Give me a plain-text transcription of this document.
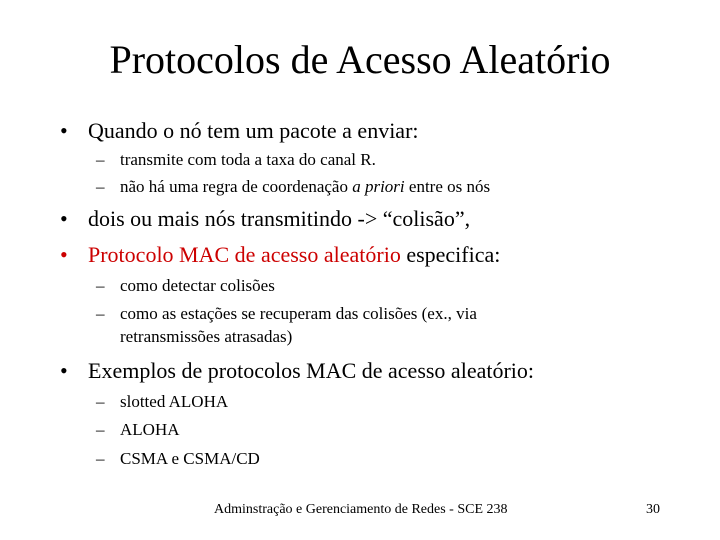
Protocolos de Acesso Aleatório
• Quando o nó tem um pacote a enviar:
– transmite com toda a taxa do canal R.
– não há uma regra de coordenação a priori entre os nós
• dois ou mais nós transmitindo -> “colisão”,
• Protocolo MAC de acesso aleatório especifica:
– como detectar colisões
– como as estações se recuperam das colisões (ex., via
retransmissões atrasadas)
• Exemplos de protocolos MAC de acesso aleatório:
– slotted ALOHA
– ALOHA
– CSMA e CSMA/CD
Adminstração e Gerenciamento de Redes - SCE 238	30
